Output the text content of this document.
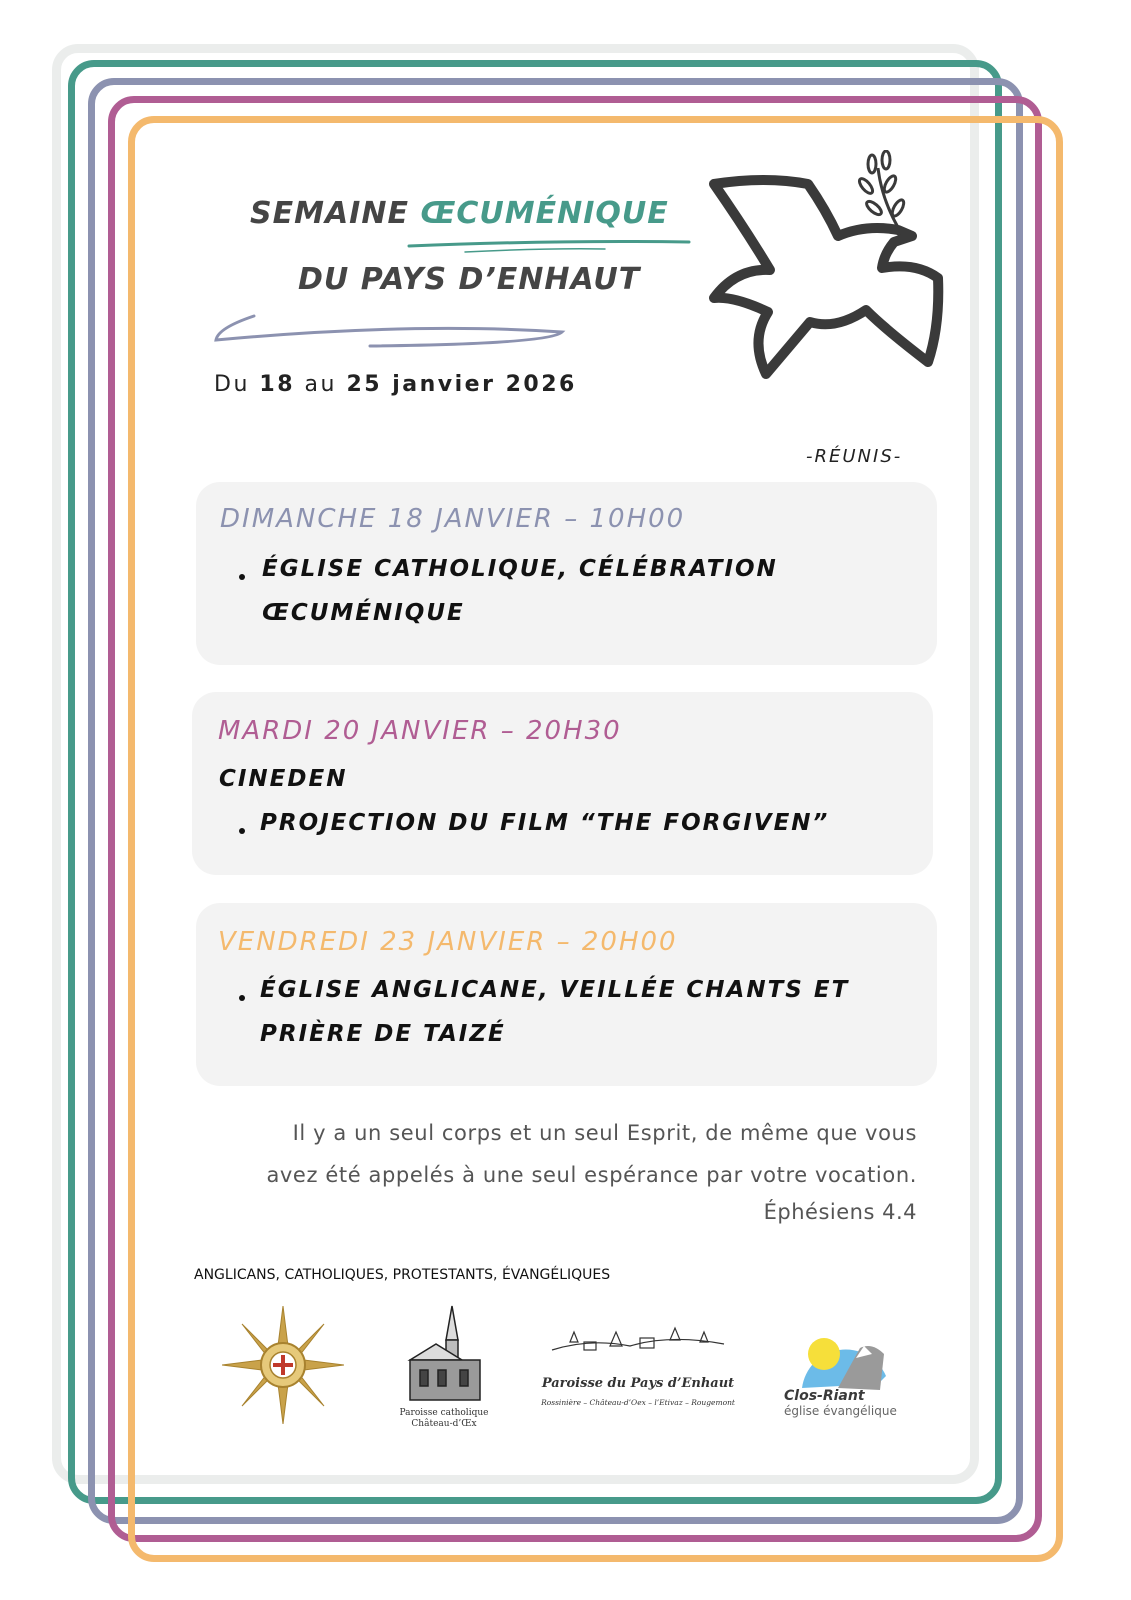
SEMAINE ŒCUMÉNIQUE
DU PAYS D’ENHAUT
Du 18 au 25 janvier 2026
-RÉUNIS-
DIMANCHE 18 JANVIER – 10H00
ÉGLISE CATHOLIQUE, CÉLÉBRATION
ŒCUMÉNIQUE
MARDI 20 JANVIER – 20H30
CINEDEN
PROJECTION DU FILM “THE FORGIVEN”
VENDREDI 23 JANVIER – 20H00
ÉGLISE ANGLICANE, VEILLÉE CHANTS ET
PRIÈRE DE TAIZÉ
Il y a un seul corps et un seul Esprit, de même que vous
avez été appelés à une seul espérance par votre vocation.
Éphésiens 4.4
ANGLICANS, CATHOLIQUES, PROTESTANTS, ÉVANGÉLIQUES
Paroisse catholique
Château-d’Œx
Paroisse du Pays d’Enhaut
Rossinière – Château-d’Oex – l’Etivaz – Rougemont	Clos-Riant
église évangélique
